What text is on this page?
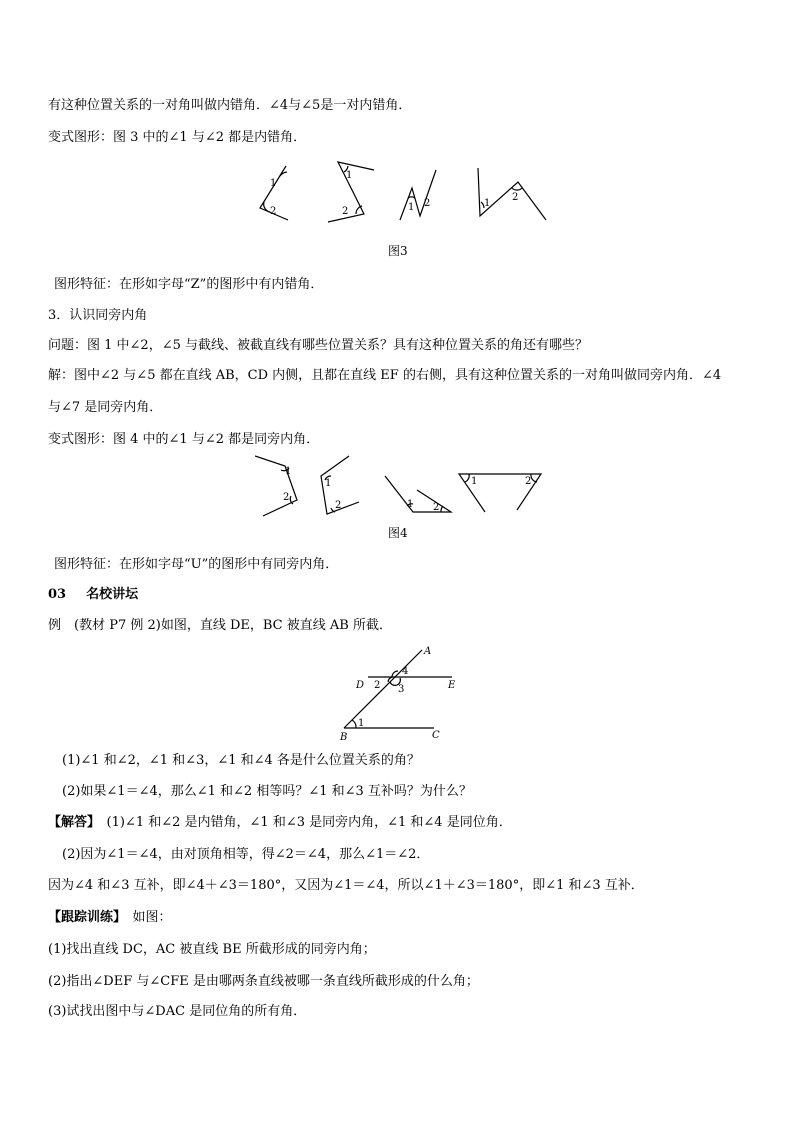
有这种位置关系的一对角叫做内错角．∠4与∠5是一对内错角．
变式图形：图 3 中的∠1 与∠2 都是内错角．
1
2
1
2	1 2	1
2
图3
图形特征：在形如字母“Z”的图形中有内错角．
3．认识同旁内角
问题：图 1 中∠2，∠5 与截线、被截直线有哪些位置关系？具有这种位置关系的角还有哪些？
解：图中∠2 与∠5 都在直线 AB，CD 内侧，且都在直线 EF 的右侧，具有这种位置关系的一对角叫做同旁内角．∠4
与∠7 是同旁内角．
变式图形：图 4 中的∠1 与∠2 都是同旁内角．
1
2
1
2	1 2
1	2
图4
图形特征：在形如字母“U”的图形中有同旁内角．
03 名校讲坛
例　(教材 P7 例 2)如图，直线 DE，BC 被直线 AB 所截．
A
D	E
B	C
4
2 3
1
(1)∠1 和∠2，∠1 和∠3，∠1 和∠4 各是什么位置关系的角？
(2)如果∠1＝∠4，那么∠1 和∠2 相等吗？∠1 和∠3 互补吗？为什么？
【解答】　(1)∠1 和∠2 是内错角，∠1 和∠3 是同旁内角，∠1 和∠4 是同位角．
(2)因为∠1＝∠4，由对顶角相等，得∠2＝∠4，那么∠1＝∠2．
因为∠4 和∠3 互补，即∠4＋∠3＝180°，又因为∠1＝∠4，所以∠1＋∠3＝180°，即∠1 和∠3 互补．
【跟踪训练】　如图：
(1)找出直线 DC，AC 被直线 BE 所截形成的同旁内角；
(2)指出∠DEF 与∠CFE 是由哪两条直线被哪一条直线所截形成的什么角；
(3)试找出图中与∠DAC 是同位角的所有角．
